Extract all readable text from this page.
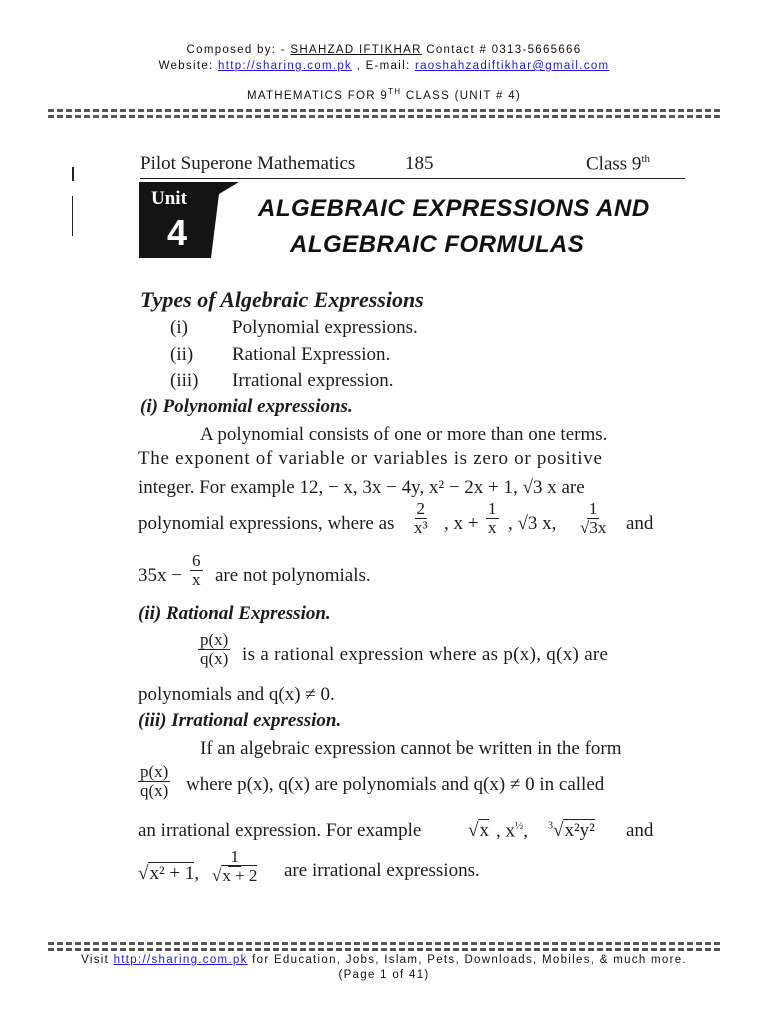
Composed by: - SHAHZAD IFTIKHAR Contact # 0313-5665666
Website: http://sharing.com.pk , E-mail: raoshahzadiftikhar@gmail.com
MATHEMATICS FOR 9TH CLASS (UNIT # 4)
Pilot Superone Mathematics	185	Class 9th
Unit
4
ALGEBRAIC EXPRESSIONS AND
ALGEBRAIC FORMULAS
Types of Algebraic Expressions
(i) Polynomial expressions.
(ii) Rational Expression.
(iii) Irrational expression.
(i) Polynomial expressions.
A polynomial consists of one or more than one terms.
The exponent of variable or variables is zero or positive
integer. For example 12, − x, 3x − 4y, x² − 2x + 1, √3 x are
polynomial expressions, where as $\frac{2}{\text{x³}}$ , $x + \frac{1}{x}$ , √3 x, $\frac{1}{√3x}$ and
$35x - \frac{6}{x}$ are not polynomials.
(ii) Rational Expression.
$\frac{p(x)}{q(x)}$ is a rational expression where as p(x), q(x) are
polynomials and q(x) ≠ 0.
(iii) Irrational expression.
If an algebraic expression cannot be written in the form
$\frac{p(x)}{q(x)}$ where p(x), q(x) are polynomials and q(x) ≠ 0 in called
an irrational expression. For example √x , $x^{\frac{1}{2}}$, $^3$√x²y² and
√x² + 1, $\frac{1}{√x + 2}$ are irrational expressions.
Visit http://sharing.com.pk for Education, Jobs, Islam, Pets, Downloads, Mobiles, & much more.
(Page 1 of 41)
